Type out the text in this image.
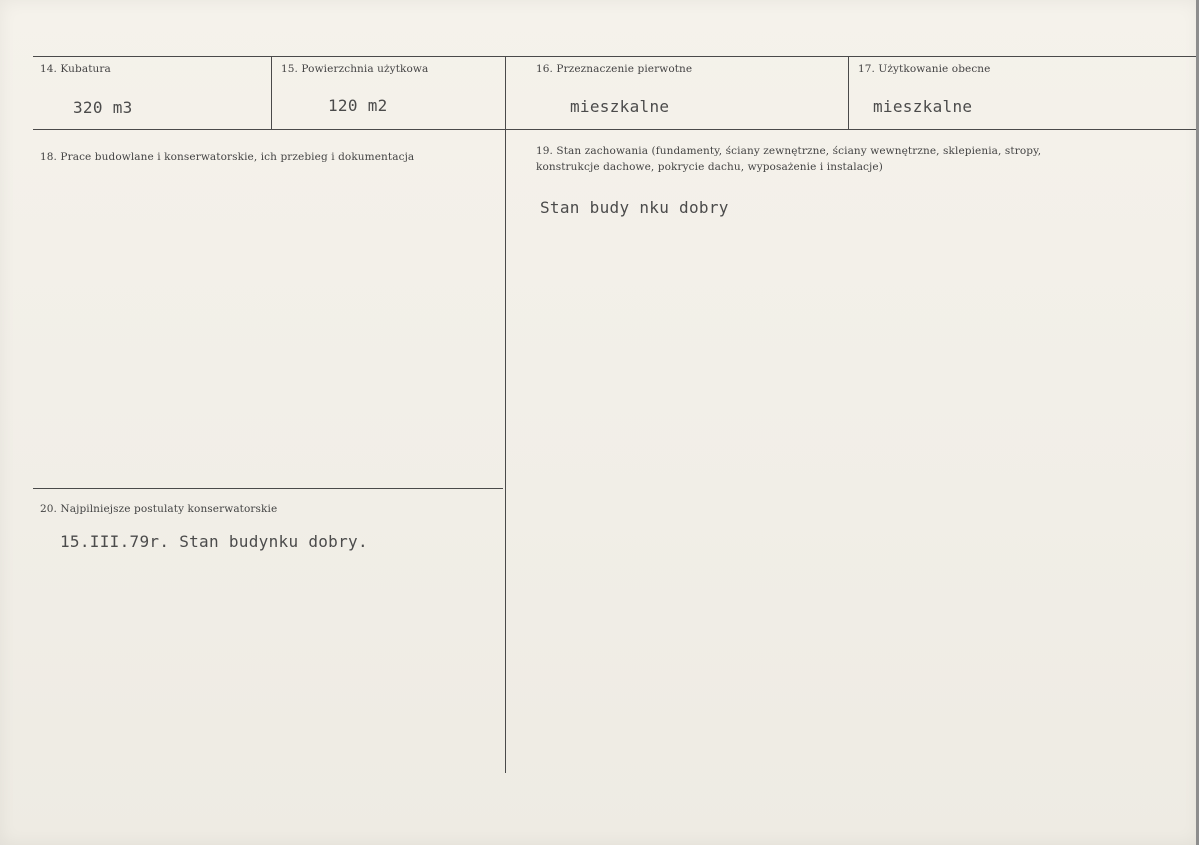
14. Kubatura
320 m3
15. Powierzchnia użytkowa
120 m2
16. Przeznaczenie pierwotne
mieszkalne
17. Użytkowanie obecne
mieszkalne
18. Prace budowlane i konserwatorskie, ich przebieg i dokumentacja	19. Stan zachowania (fundamenty, ściany zewnętrzne, ściany wewnętrzne, sklepienia, stropy, konstrukcje dachowe, pokrycie dachu, wyposażenie i instalacje)
Stan budy nku dobry
20. Najpilniejsze postulaty konserwatorskie
15.III.79r. Stan budynku dobry.
